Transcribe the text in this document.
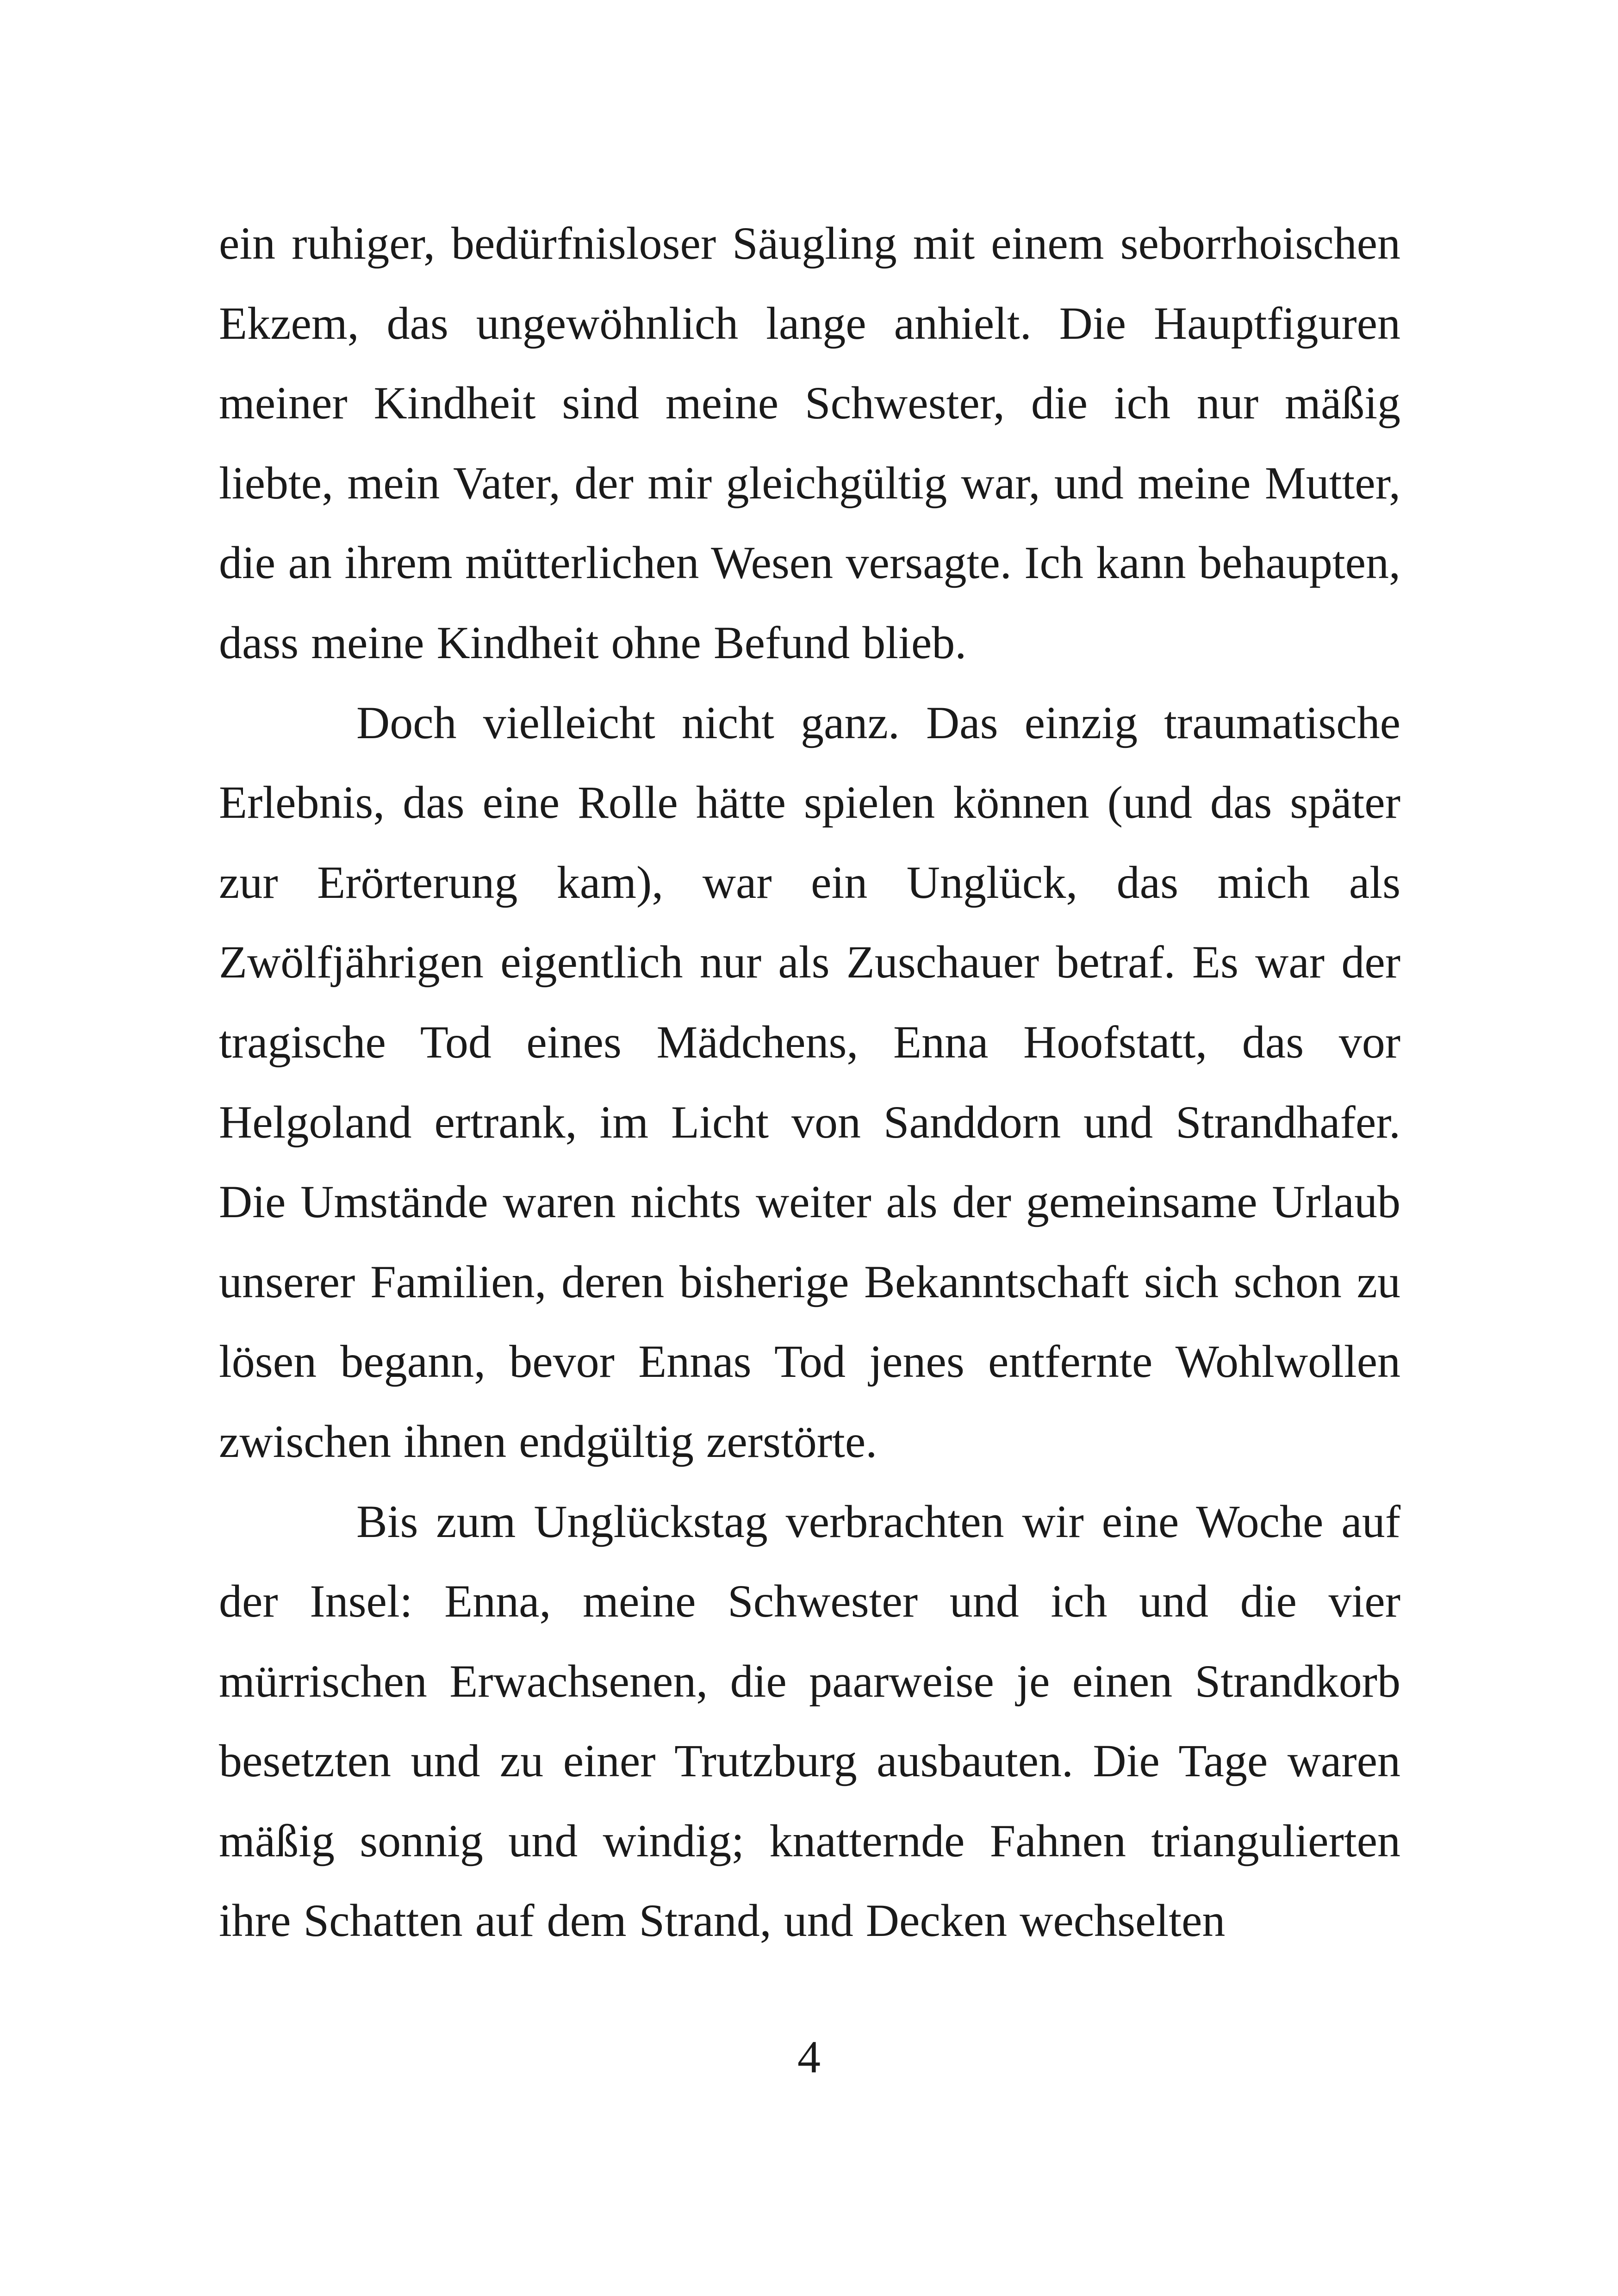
ein ruhiger, bedürfnisloser Säugling mit einem seborrhoischen Ekzem, das ungewöhnlich lange anhielt. Die Hauptfiguren meiner Kindheit sind meine Schwester, die ich nur mäßig liebte, mein Vater, der mir gleichgültig war, und meine Mutter, die an ihrem mütterlichen Wesen versagte. Ich kann behaupten, dass meine Kindheit ohne Befund blieb.

Doch vielleicht nicht ganz. Das einzig traumatische Erlebnis, das eine Rolle hätte spielen können (und das später zur Erörterung kam), war ein Unglück, das mich als Zwölfjährigen eigentlich nur als Zuschauer betraf. Es war der tragische Tod eines Mädchens, Enna Hoofstatt, das vor Helgoland ertrank, im Licht von Sanddorn und Strandhafer. Die Umstände waren nichts weiter als der gemeinsame Urlaub unserer Familien, deren bisherige Bekanntschaft sich schon zu lösen begann, bevor Ennas Tod jenes entfernte Wohlwollen zwischen ihnen endgültig zerstörte.

Bis zum Unglückstag verbrachten wir eine Woche auf der Insel: Enna, meine Schwester und ich und die vier mürrischen Erwachsenen, die paarweise je einen Strandkorb besetzten und zu einer Trutzburg ausbauten. Die Tage waren mäßig sonnig und windig; knatternde Fahnen triangulierten ihre Schatten auf dem Strand, und Decken wechselten

4
